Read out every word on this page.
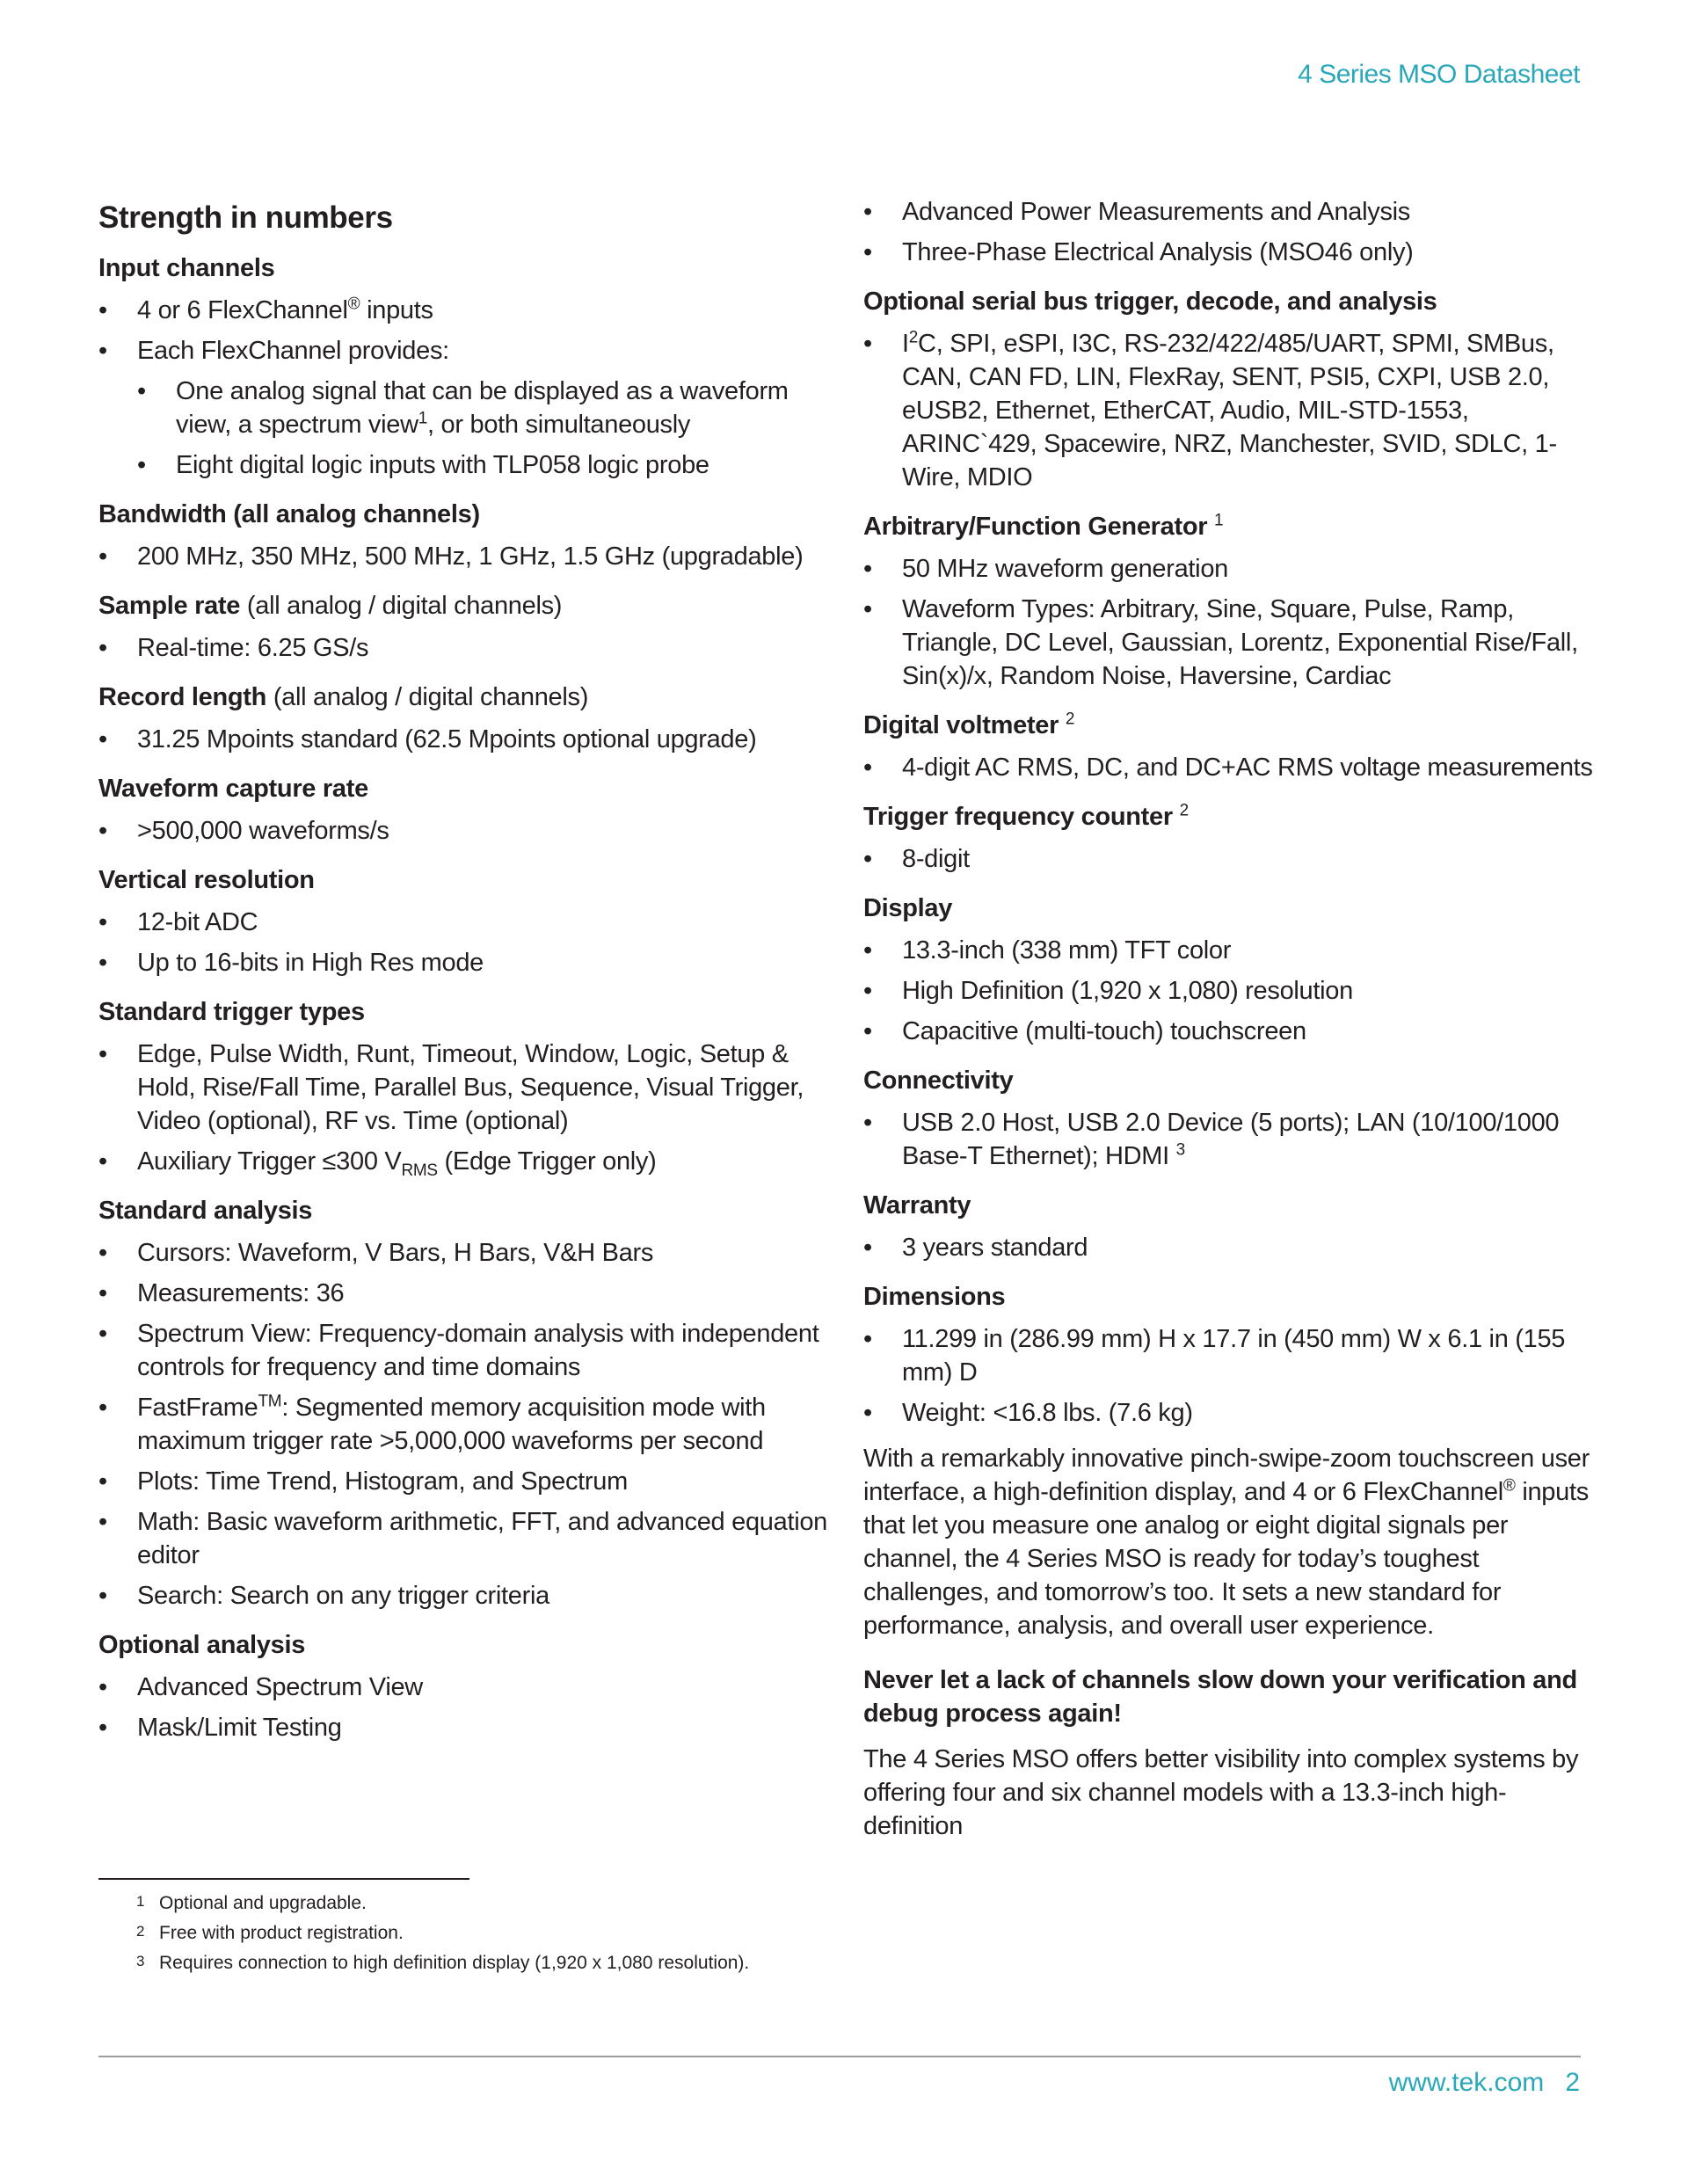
4 Series MSO Datasheet
Strength in numbers
Input channels
• 4 or 6 FlexChannel® inputs
• Each FlexChannel provides:
• One analog signal that can be displayed as a waveform view, a spectrum view$^1$, or both simultaneously
• Eight digital logic inputs with TLP058 logic probe
Bandwidth (all analog channels)
• 200 MHz, 350 MHz, 500 MHz, 1 GHz, 1.5 GHz (upgradable)
Sample rate (all analog / digital channels)
• Real-time: 6.25 GS/s
Record length (all analog / digital channels)
• 31.25 Mpoints standard (62.5 Mpoints optional upgrade)
Waveform capture rate
• >500,000 waveforms/s
Vertical resolution
• 12-bit ADC
• Up to 16-bits in High Res mode
Standard trigger types
• Edge, Pulse Width, Runt, Timeout, Window, Logic, Setup & Hold, Rise/Fall Time, Parallel Bus, Sequence, Visual Trigger, Video (optional), RF vs. Time (optional)
• Auxiliary Trigger ≤300 $V_{RMS}$ (Edge Trigger only)
Standard analysis
• Cursors: Waveform, V Bars, H Bars, V&H Bars
• Measurements: 36
• Spectrum View: Frequency-domain analysis with independent controls for frequency and time domains
• FastFrame™: Segmented memory acquisition mode with maximum trigger rate >5,000,000 waveforms per second
• Plots: Time Trend, Histogram, and Spectrum
• Math: Basic waveform arithmetic, FFT, and advanced equation editor
• Search: Search on any trigger criteria
Optional analysis
• Advanced Spectrum View
• Mask/Limit Testing
• Advanced Power Measurements and Analysis
• Three-Phase Electrical Analysis (MSO46 only)
Optional serial bus trigger, decode, and analysis
• $I^2C$, SPI, eSPI, I3C, RS-232/422/485/UART, SPMI, SMBus, CAN, CAN FD, LIN, FlexRay, SENT, PSI5, CXPI, USB 2.0, eUSB2, Ethernet, EtherCAT, Audio, MIL-STD-1553, ARINC`429, Spacewire, NRZ, Manchester, SVID, SDLC, 1-Wire, MDIO
Arbitrary/Function Generator $^1$
• 50 MHz waveform generation
• Waveform Types: Arbitrary, Sine, Square, Pulse, Ramp, Triangle, DC Level, Gaussian, Lorentz, Exponential Rise/Fall, Sin(x)/x, Random Noise, Haversine, Cardiac
Digital voltmeter $^2$
• 4-digit AC RMS, DC, and DC+AC RMS voltage measurements
Trigger frequency counter $^2$
• 8-digit
Display
• 13.3-inch (338 mm) TFT color
• High Definition (1,920 x 1,080) resolution
• Capacitive (multi-touch) touchscreen
Connectivity
• USB 2.0 Host, USB 2.0 Device (5 ports); LAN (10/100/1000 Base-T Ethernet); HDMI $^3$
Warranty
• 3 years standard
Dimensions
• 11.299 in (286.99 mm) H x 17.7 in (450 mm) W x 6.1 in (155 mm) D
• Weight: <16.8 lbs. (7.6 kg)
With a remarkably innovative pinch-swipe-zoom touchscreen user interface, a high-definition display, and 4 or 6 FlexChannel® inputs that let you measure one analog or eight digital signals per channel, the 4 Series MSO is ready for today’s toughest challenges, and tomorrow’s too. It sets a new standard for performance, analysis, and overall user experience.
Never let a lack of channels slow down your verification and debug process again!
The 4 Series MSO offers better visibility into complex systems by offering four and six channel models with a 13.3-inch high-definition
1 Optional and upgradable.
2 Free with product registration.
3 Requires connection to high definition display (1,920 x 1,080 resolution).
www.tek.com 2
